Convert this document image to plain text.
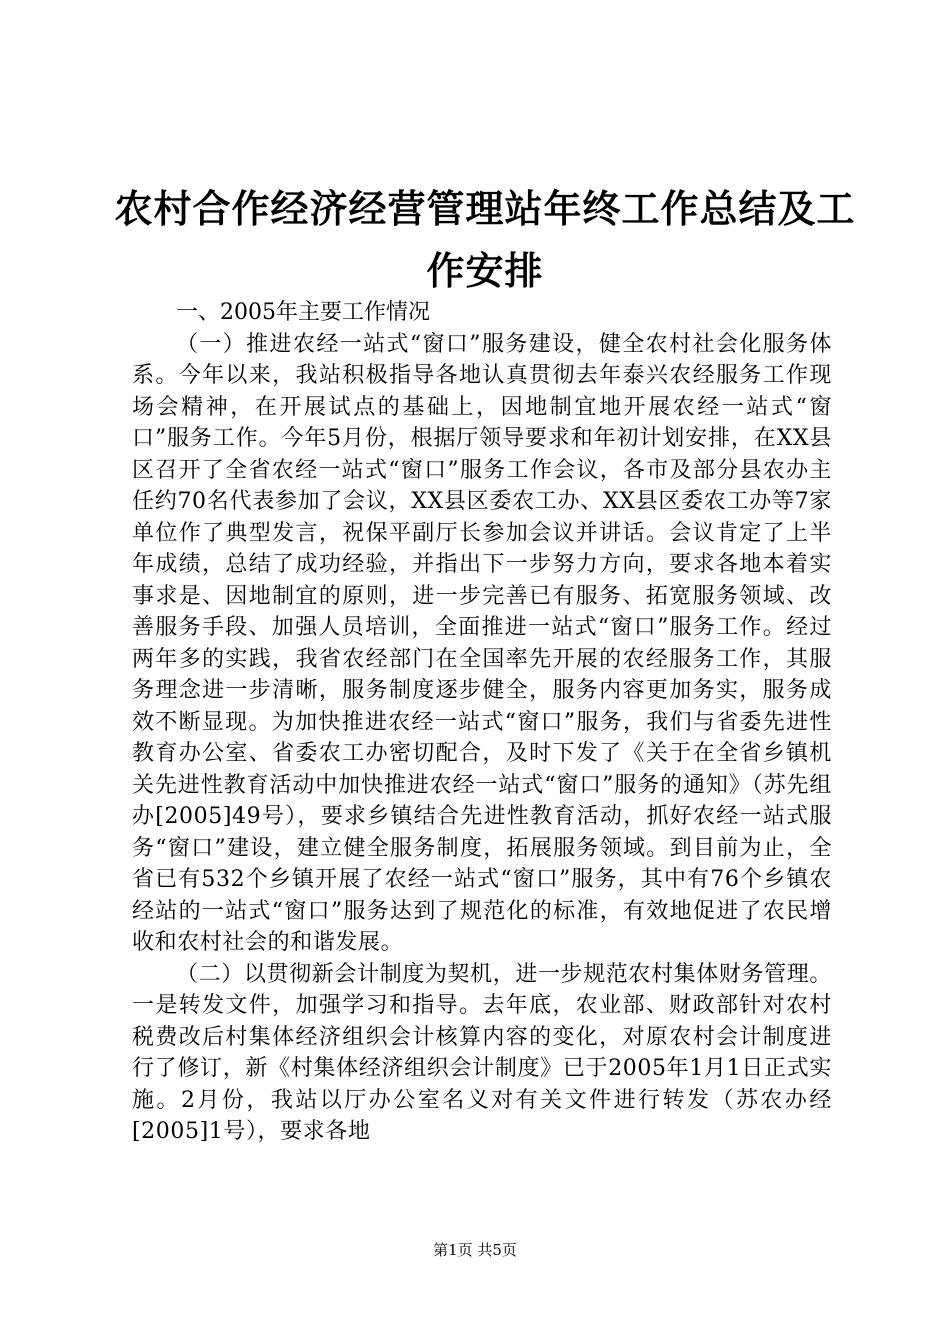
农村合作经济经营管理站年终工作总结及工作安排

一、2005年主要工作情况

（一）推进农经一站式“窗口”服务建设，健全农村社会化服务体系。今年以来，我站积极指导各地认真贯彻去年泰兴农经服务工作现场会精神，在开展试点的基础上，因地制宜地开展农经一站式“窗口”服务工作。今年5月份，根据厅领导要求和年初计划安排，在XX县区召开了全省农经一站式“窗口”服务工作会议，各市及部分县农办主任约70名代表参加了会议，XX县区委农工办、XX县区委农工办等7家单位作了典型发言，祝保平副厅长参加会议并讲话。会议肯定了上半年成绩，总结了成功经验，并指出下一步努力方向，要求各地本着实事求是、因地制宜的原则，进一步完善已有服务、拓宽服务领域、改善服务手段、加强人员培训，全面推进一站式“窗口”服务工作。经过两年多的实践，我省农经部门在全国率先开展的农经服务工作，其服务理念进一步清晰，服务制度逐步健全，服务内容更加务实，服务成效不断显现。为加快推进农经一站式“窗口”服务，我们与省委先进性教育办公室、省委农工办密切配合，及时下发了《关于在全省乡镇机关先进性教育活动中加快推进农经一站式“窗口”服务的通知》（苏先组办[2005]49号），要求乡镇结合先进性教育活动，抓好农经一站式服务“窗口”建设，建立健全服务制度，拓展服务领域。到目前为止，全省已有532个乡镇开展了农经一站式“窗口”服务，其中有76个乡镇农经站的一站式“窗口”服务达到了规范化的标准，有效地促进了农民增收和农村社会的和谐发展。

（二）以贯彻新会计制度为契机，进一步规范农村集体财务管理。一是转发文件，加强学习和指导。去年底，农业部、财政部针对农村税费改后村集体经济组织会计核算内容的变化，对原农村会计制度进行了修订，新《村集体经济组织会计制度》已于2005年1月1日正式实施。2月份，我站以厅办公室名义对有关文件进行转发（苏农办经[2005]1号），要求各地

第1页 共5页
